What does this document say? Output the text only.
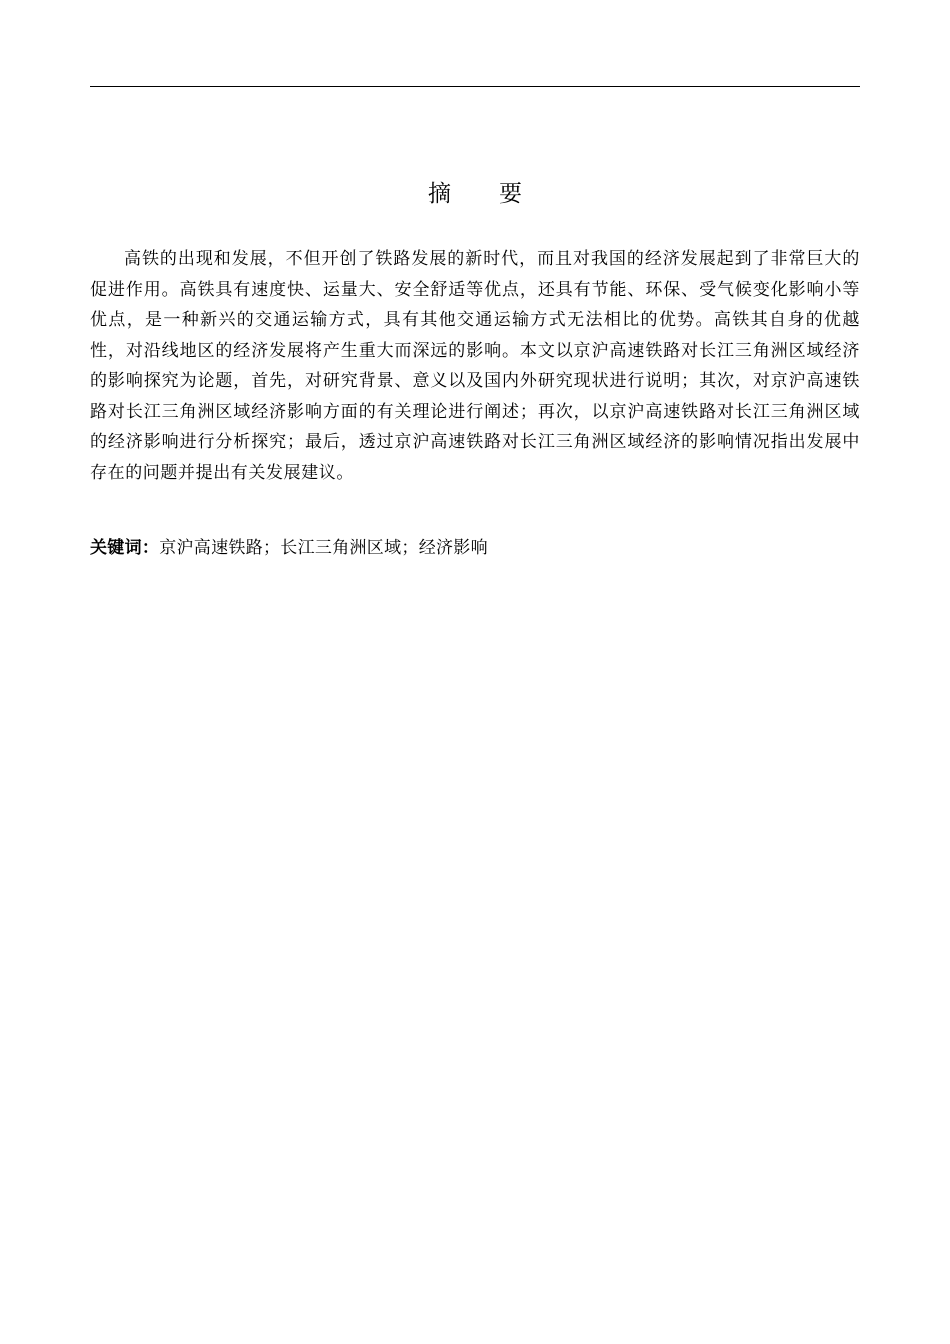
摘要

高铁的出现和发展，不但开创了铁路发展的新时代，而且对我国的经济发展起到了非常巨大的促进作用。高铁具有速度快、运量大、安全舒适等优点，还具有节能、环保、受气候变化影响小等优点，是一种新兴的交通运输方式，具有其他交通运输方式无法相比的优势。高铁其自身的优越性，对沿线地区的经济发展将产生重大而深远的影响。本文以京沪高速铁路对长江三角洲区域经济的影响探究为论题，首先，对研究背景、意义以及国内外研究现状进行说明；其次，对京沪高速铁路对长江三角洲区域经济影响方面的有关理论进行阐述；再次，以京沪高速铁路对长江三角洲区域的经济影响进行分析探究；最后，透过京沪高速铁路对长江三角洲区域经济的影响情况指出发展中存在的问题并提出有关发展建议。

关键词：京沪高速铁路；长江三角洲区域；经济影响
